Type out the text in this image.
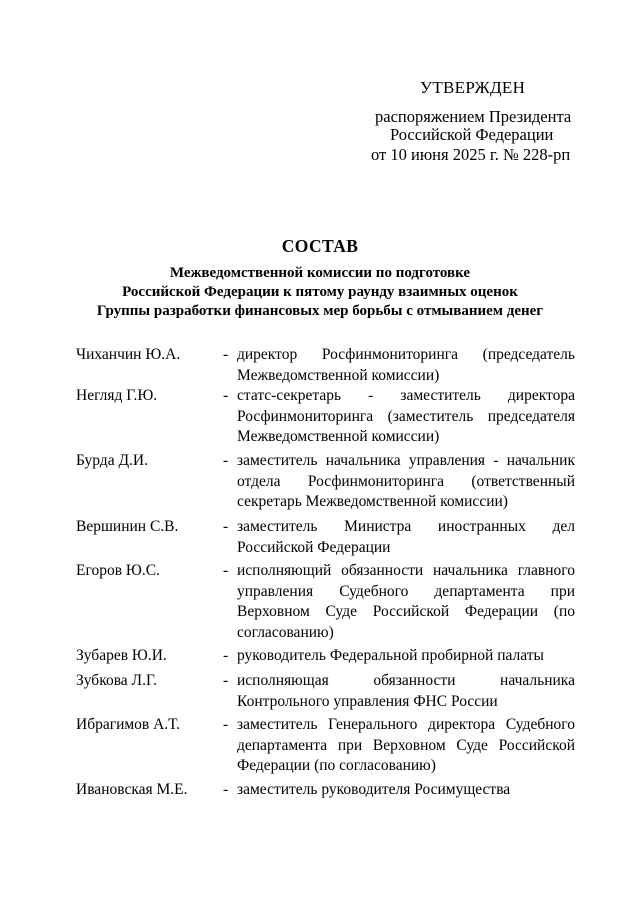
УТВЕРЖДЕН
распоряжением Президента
Российской Федерации
от 10 июня 2025 г. № 228-рп
СОСТАВ
Межведомственной комиссии по подготовке
Российской Федерации к пятому раунду взаимных оценок
Группы разработки финансовых мер борьбы с отмыванием денег
Чиханчин Ю.А.	- директор Росфинмониторинга (председатель Межведомственной комиссии)
Негляд Г.Ю.	- статс-секретарь - заместитель директора Росфинмониторинга (заместитель председателя Межведомственной комиссии)
Бурда Д.И.	- заместитель начальника управления - начальник отдела Росфинмониторинга (ответственный секретарь Межведомственной комиссии)
Вершинин С.В.	- заместитель Министра иностранных дел Российской Федерации
Егоров Ю.С.	- исполняющий обязанности начальника главного управления Судебного департамента при Верховном Суде Российской Федерации (по согласованию)
Зубарев Ю.И.	- руководитель Федеральной пробирной палаты
Зубкова Л.Г.	- исполняющая обязанности начальника Контрольного управления ФНС России
Ибрагимов А.Т.	- заместитель Генерального директора Судебного департамента при Верховном Суде Российской Федерации (по согласованию)
Ивановская М.Е. - заместитель руководителя Росимущества
